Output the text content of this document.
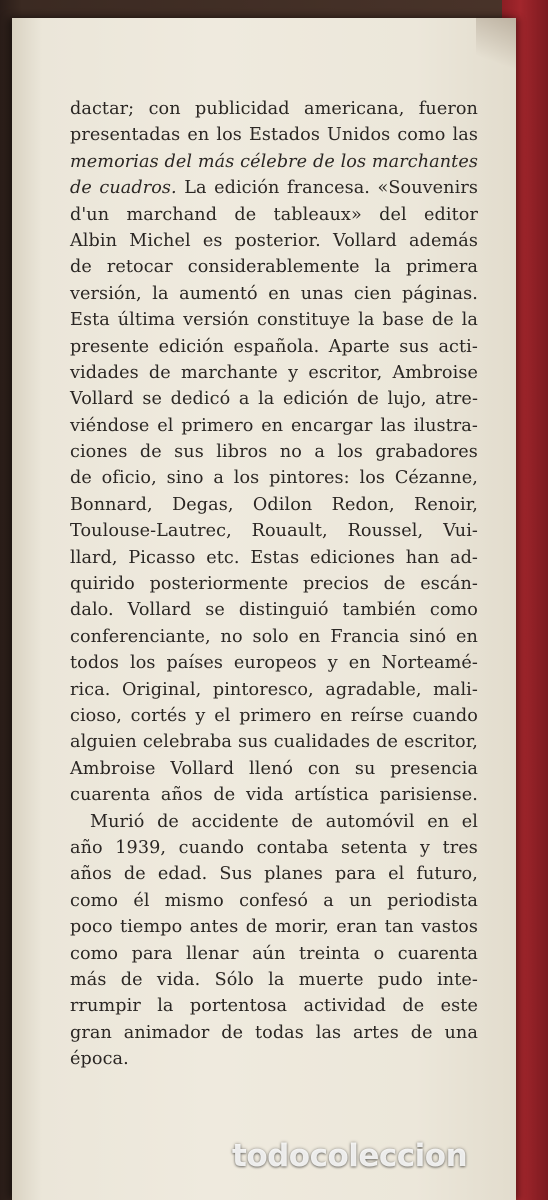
dactar; con publicidad americana, fueron
presentadas en los Estados Unidos como las
memorias del más célebre de los marchantes
de cuadros. La edición francesa. «Souvenirs
d'un marchand de tableaux» del editor
Albin Michel es posterior. Vollard además
de retocar considerablemente la primera
versión, la aumentó en unas cien páginas.
Esta última versión constituye la base de la
presente edición española. Aparte sus acti-
vidades de marchante y escritor, Ambroise
Vollard se dedicó a la edición de lujo, atre-
viéndose el primero en encargar las ilustra-
ciones de sus libros no a los grabadores
de oficio, sino a los pintores: los Cézanne,
Bonnard, Degas, Odilon Redon, Renoir,
Toulouse-Lautrec, Rouault, Roussel, Vui-
llard, Picasso etc. Estas ediciones han ad-
quirido posteriormente precios de escán-
dalo. Vollard se distinguió también como
conferenciante, no solo en Francia sinó en
todos los países europeos y en Norteamé-
rica. Original, pintoresco, agradable, mali-
cioso, cortés y el primero en reírse cuando
alguien celebraba sus cualidades de escritor,
Ambroise Vollard llenó con su presencia
cuarenta años de vida artística parisiense.
Murió de accidente de automóvil en el
año 1939, cuando contaba setenta y tres
años de edad. Sus planes para el futuro,
como él mismo confesó a un periodista
poco tiempo antes de morir, eran tan vastos
como para llenar aún treinta o cuarenta
más de vida. Sólo la muerte pudo inte-
rrumpir la portentosa actividad de este
gran animador de todas las artes de una
época.
todocoleccion
